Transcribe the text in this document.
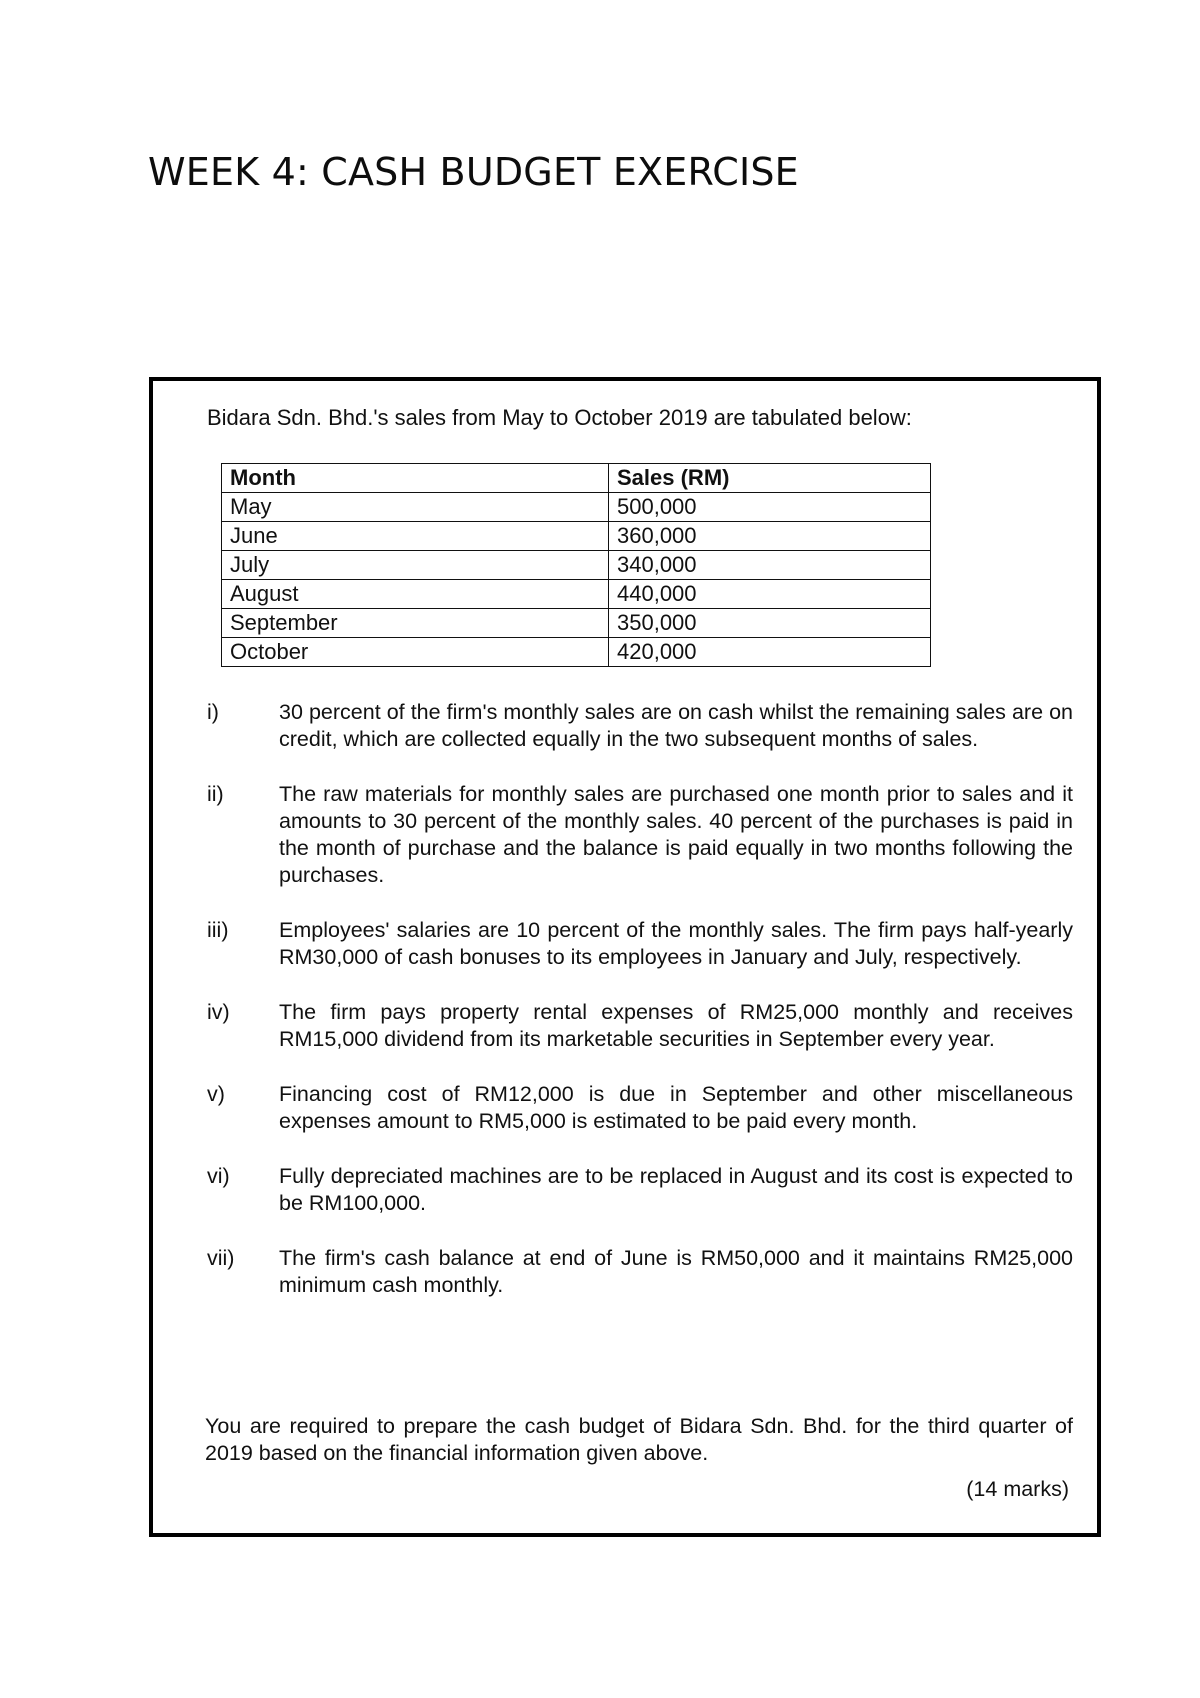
WEEK 4: CASH BUDGET EXERCISE

Bidara Sdn. Bhd.'s sales from May to October 2019 are tabulated below:

Month	Sales (RM)
May	500,000
June	360,000
July	340,000
August	440,000
September	350,000
October	420,000
i)	30 percent of the firm's monthly sales are on cash whilst the remaining sales are on credit, which are collected equally in the two subsequent months of sales.
ii)	The raw materials for monthly sales are purchased one month prior to sales and it amounts to 30 percent of the monthly sales. 40 percent of the purchases is paid in the month of purchase and the balance is paid equally in two months following the purchases.
iii) Employees' salaries are 10 percent of the monthly sales. The firm pays half-yearly RM30,000 of cash bonuses to its employees in January and July, respectively.
iv) The firm pays property rental expenses of RM25,000 monthly and receives RM15,000 dividend from its marketable securities in September every year.
v)	Financing cost of RM12,000 is due in September and other miscellaneous expenses amount to RM5,000 is estimated to be paid every month.
vi) Fully depreciated machines are to be replaced in August and its cost is expected to be RM100,000.
vii) The firm's cash balance at end of June is RM50,000 and it maintains RM25,000 minimum cash monthly.

You are required to prepare the cash budget of Bidara Sdn. Bhd. for the third quarter of 2019 based on the financial information given above.

(14 marks)
